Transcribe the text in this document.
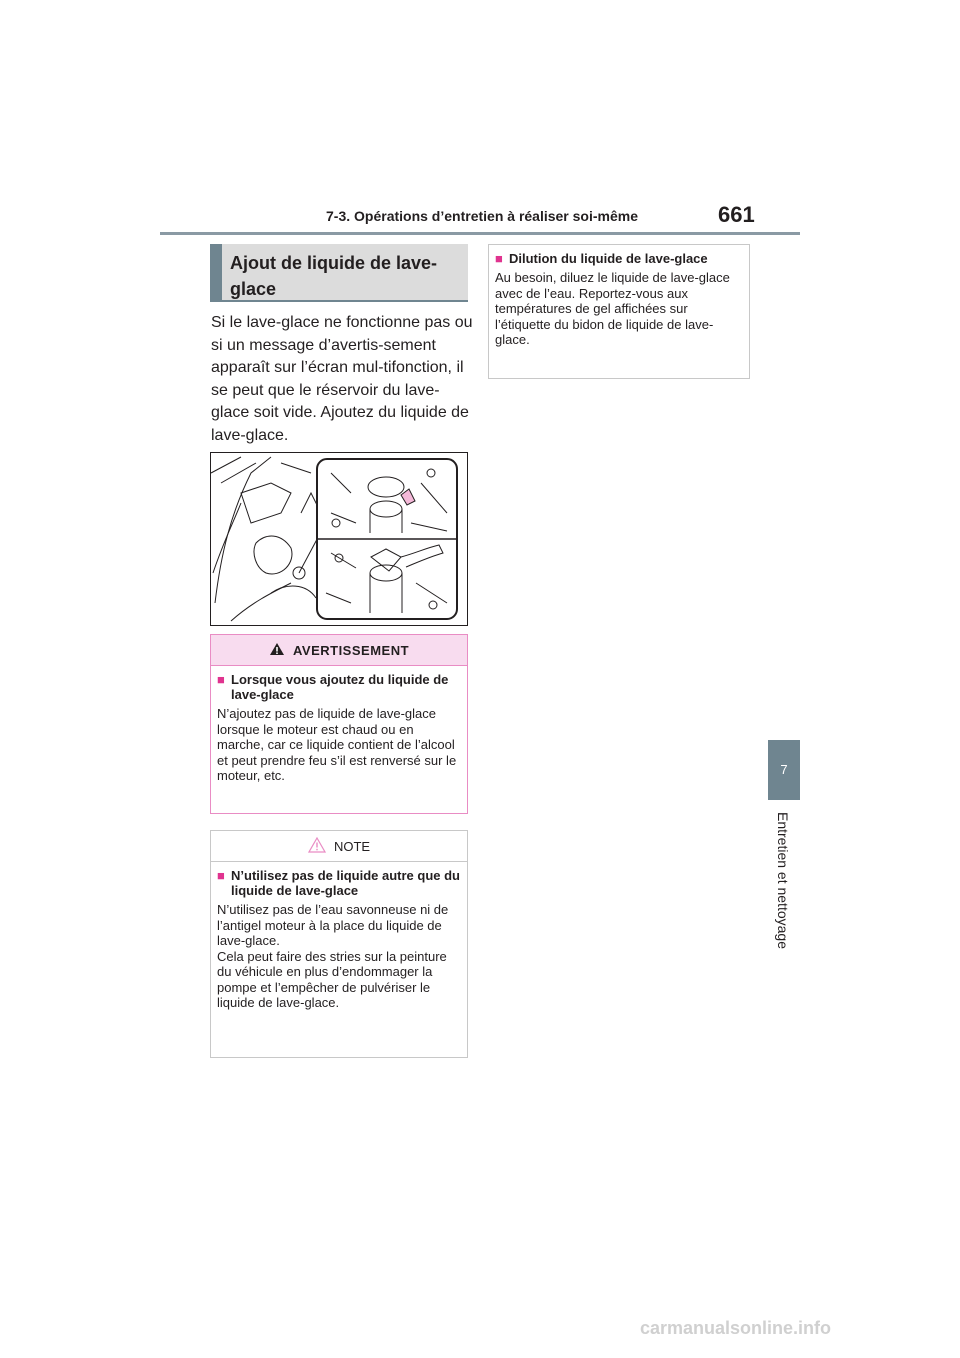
7-3. Opérations d’entretien à réaliser soi-même	661
7
Entretien et nettoyage
Ajout de liquide de lave-glace
Si le lave-glace ne fonctionne pas ou si un message d’avertis-sement apparaît sur l’écran mul-tifonction, il se peut que le réservoir du lave-glace soit vide. Ajoutez du liquide de lave-glace.
AVERTISSEMENT
■ Lorsque vous ajoutez du liquide de lave-glace
N’ajoutez pas de liquide de lave-glace lorsque le moteur est chaud ou en marche, car ce liquide contient de l’alcool et peut prendre feu s’il est renversé sur le moteur, etc.
NOTE
■ N’utilisez pas de liquide autre que du liquide de lave-glace
N’utilisez pas de l’eau savonneuse ni de l’antigel moteur à la place du liquide de lave-glace.
Cela peut faire des stries sur la peinture du véhicule en plus d’endommager la pompe et l’empêcher de pulvériser le liquide de lave-glace.
■ Dilution du liquide de lave-glace
Au besoin, diluez le liquide de lave-glace avec de l’eau. Reportez-vous aux températures de gel affichées sur l’étiquette du bidon de liquide de lave-glace.
carmanualsonline.info
